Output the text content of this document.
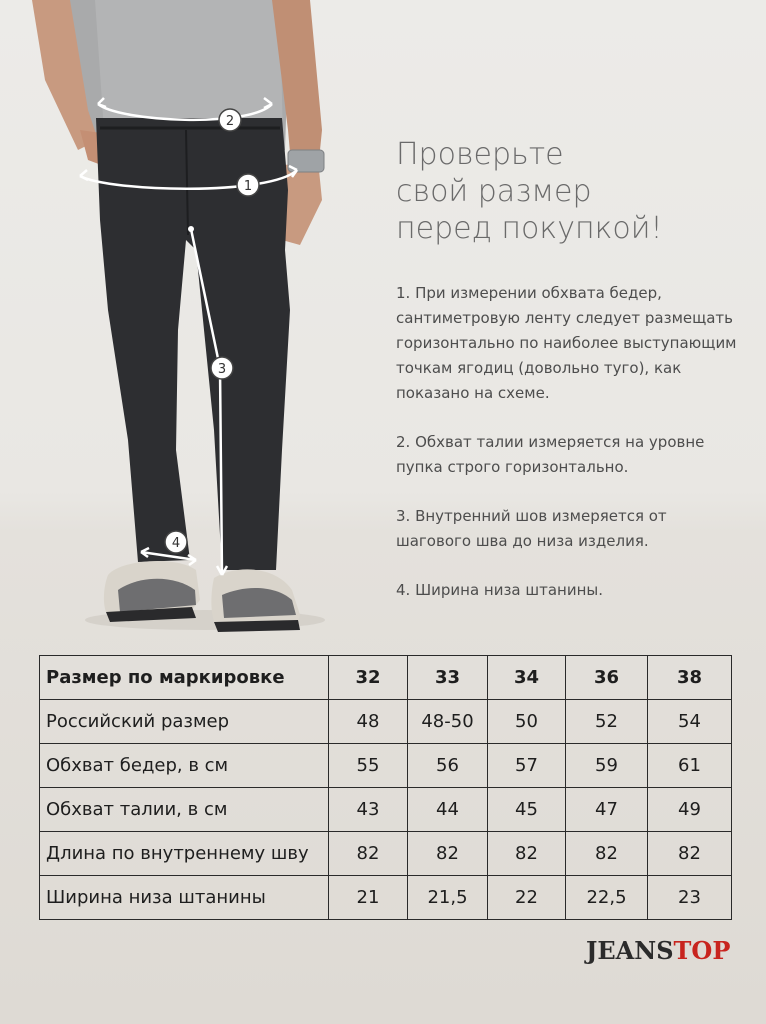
1
2
3
4
Проверьте
свой размер
перед покупкой!

1. При измерении обхвата бедер, сантиметровую ленту следует размещать горизонтально по наиболее выступающим точкам ягодиц (довольно туго), как показано на схеме.

2. Обхват талии измеряется на уровне пупка строго горизонтально.

3. Внутренний шов измеряется от шагового шва до низа изделия.

4. Ширина низа штанины.

Размер по маркировке	32	33	34	36	38
Российский размер	48	48-50	50	52	54
Обхват бедер, в см	55	56	57	59	61
Обхват талии, в см	43	44	45	47	49
Длина по внутреннему шву	82	82	82	82	82
Ширина низа штанины	21	21,5	22	22,5	23
JEANSTOP
